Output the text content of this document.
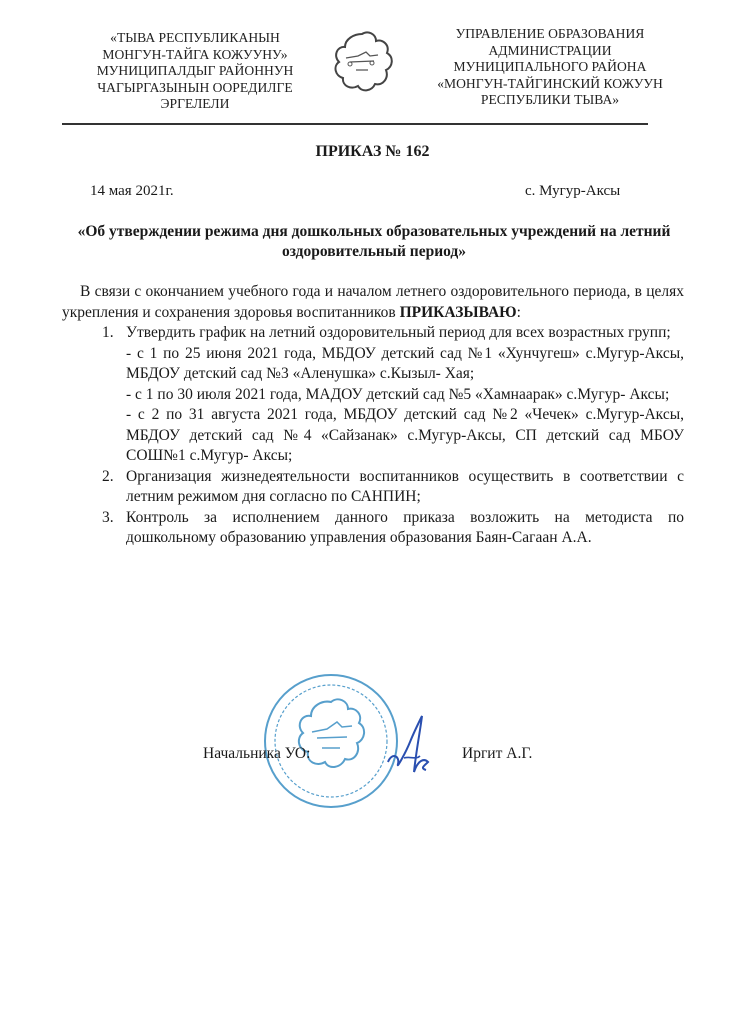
«ТЫВА РЕСПУБЛИКАНЫН
МОНГУН-ТАЙГА КОЖУУНУ»
МУНИЦИПАЛДЫГ РАЙОННУН
ЧАГЫРГАЗЫНЫН ООРЕДИЛГЕ
ЭРГЕЛЕЛИ
УПРАВЛЕНИЕ ОБРАЗОВАНИЯ
АДМИНИСТРАЦИИ
МУНИЦИПАЛЬНОГО РАЙОНА
«МОНГУН-ТАЙГИНСКИЙ КОЖУУН
РЕСПУБЛИКИ ТЫВА»
ПРИКАЗ № 162
14 мая 2021г.	с. Мугур-Аксы
«Об утверждении режима дня дошкольных образовательных учреждений на летний оздоровительный период»

В связи с окончанием учебного года и началом летнего оздоровительного периода, в целях укрепления и сохранения здоровья воспитанников ПРИКАЗЫВАЮ:

1. Утвердить график на летний оздоровительный период для всех возрастных групп;
- с 1 по 25 июня 2021 года, МБДОУ детский сад №1 «Хунчугеш» с.Мугур-Аксы, МБДОУ детский сад №3 «Аленушка» с.Кызыл- Хая;
- с 1 по 30 июля 2021 года, МАДОУ детский сад №5 «Хамнаарак» с.Мугур- Аксы;
- с 2 по 31 августа 2021 года, МБДОУ детский сад №2 «Чечек» с.Мугур-Аксы, МБДОУ детский сад №4 «Сайзанак» с.Мугур-Аксы, СП детский сад МБОУ СОШ№1 с.Мугур- Аксы;
2. Организация жизнедеятельности воспитанников осуществить в соответствии с летним режимом дня согласно по САНПИН;
3. Контроль за исполнением данного приказа возложить на методиста по дошкольному образованию управления образования Баян-Сагаан А.А.
Начальника УО:	Иргит А.Г.
